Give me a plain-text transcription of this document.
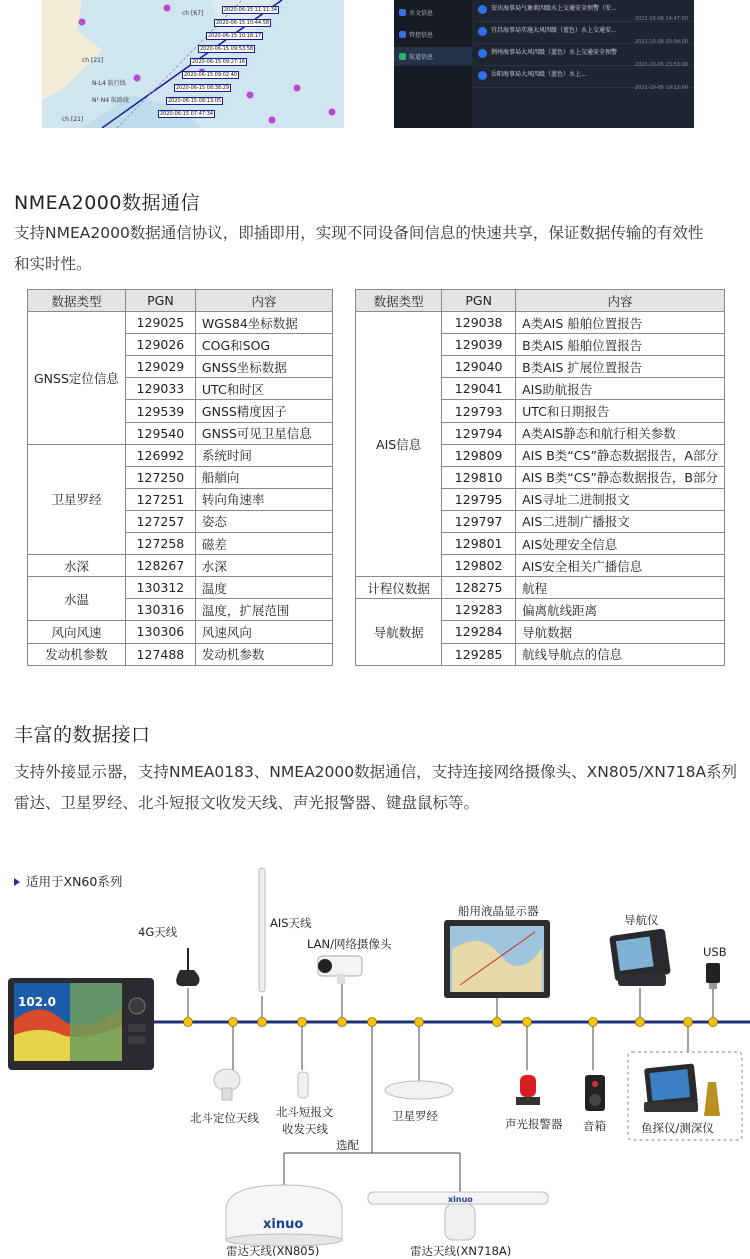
2020-06-15 11:11:34
2020-06-15 10:44:58
2020-06-15 10:18:17
2020-06-15 09:53:58
2020-06-15 09:27:16
2020-06-15 09:02:40
2020-06-15 08:38:29
2020-06-15 08:13:05
2020-06-15 07:47:34
ch [67]
ch [21]
N-L4 航行线
N¹ N4 航路线
ch [21]
水文信息
管控信息
航道信息
安庆海事局气象类四级水上交通安全预警（安...
宜昌海事局实施大风四级（蓝色）水上交通安...
荆州海事局大风四级（蓝色）水上交通安全预警
岳阳海事局大风四级（蓝色）水上...
2021-10-06 14:47:00
2021-10-06 00:04:00
2021-10-05 23:53:00
2021-10-05 19:12:00
NMEA2000数据通信

支持NMEA2000数据通信协议，即插即用，实现不同设备间信息的快速共享，保证数据传输的有效性
和实时性。

数据类型	PGN	内容
GNSS定位信息	129025	WGS84坐标数据
	129026	COG和SOG
	129029	GNSS坐标数据
	129033	UTC和时区
	129539	GNSS精度因子
	129540	GNSS可见卫星信息
卫星罗经	126992	系统时间
	127250	船艏向
	127251	转向角速率
	127257	姿态
	127258	磁差
水深	128267	水深
水温	130312	温度
	130316	温度，扩展范围
风向风速	130306	风速风向
发动机参数	127488	发动机参数
数据类型	PGN	内容
AIS信息	129038	A类AIS 船舶位置报告
	129039	B类AIS 船舶位置报告
	129040	B类AIS 扩展位置报告
	129041	AIS助航报告
	129793	UTC和日期报告
	129794	A类AIS静态和航行相关参数
	129809	AIS B类“CS”静态数据报告，A部分
	129810	AIS B类“CS”静态数据报告，B部分
	129795	AIS寻址二进制报文
	129797	AIS二进制广播报文
	129801	AIS处理安全信息
	129802	AIS安全相关广播信息
计程仪数据	128275	航程
导航数据	129283	偏离航线距离
	129284	导航数据
	129285	航线导航点的信息
丰富的数据接口

支持外接显示器，支持NMEA0183、NMEA2000数据通信，支持连接网络摄像头、XN805/XN718A系列
雷达、卫星罗经、北斗短报文收发天线、声光报警器、键盘鼠标等。

适用于XN60系列
102.0
xinuo
xinuo
4G天线
AIS天线
LAN/网络摄像头
船用液晶显示器
导航仪
USB
北斗定位天线 北斗短报文
收发天线
卫星罗经
声光报警器 音箱	鱼探仪/测深仪
选配
雷达天线(XN805)	雷达天线(XN718A)
